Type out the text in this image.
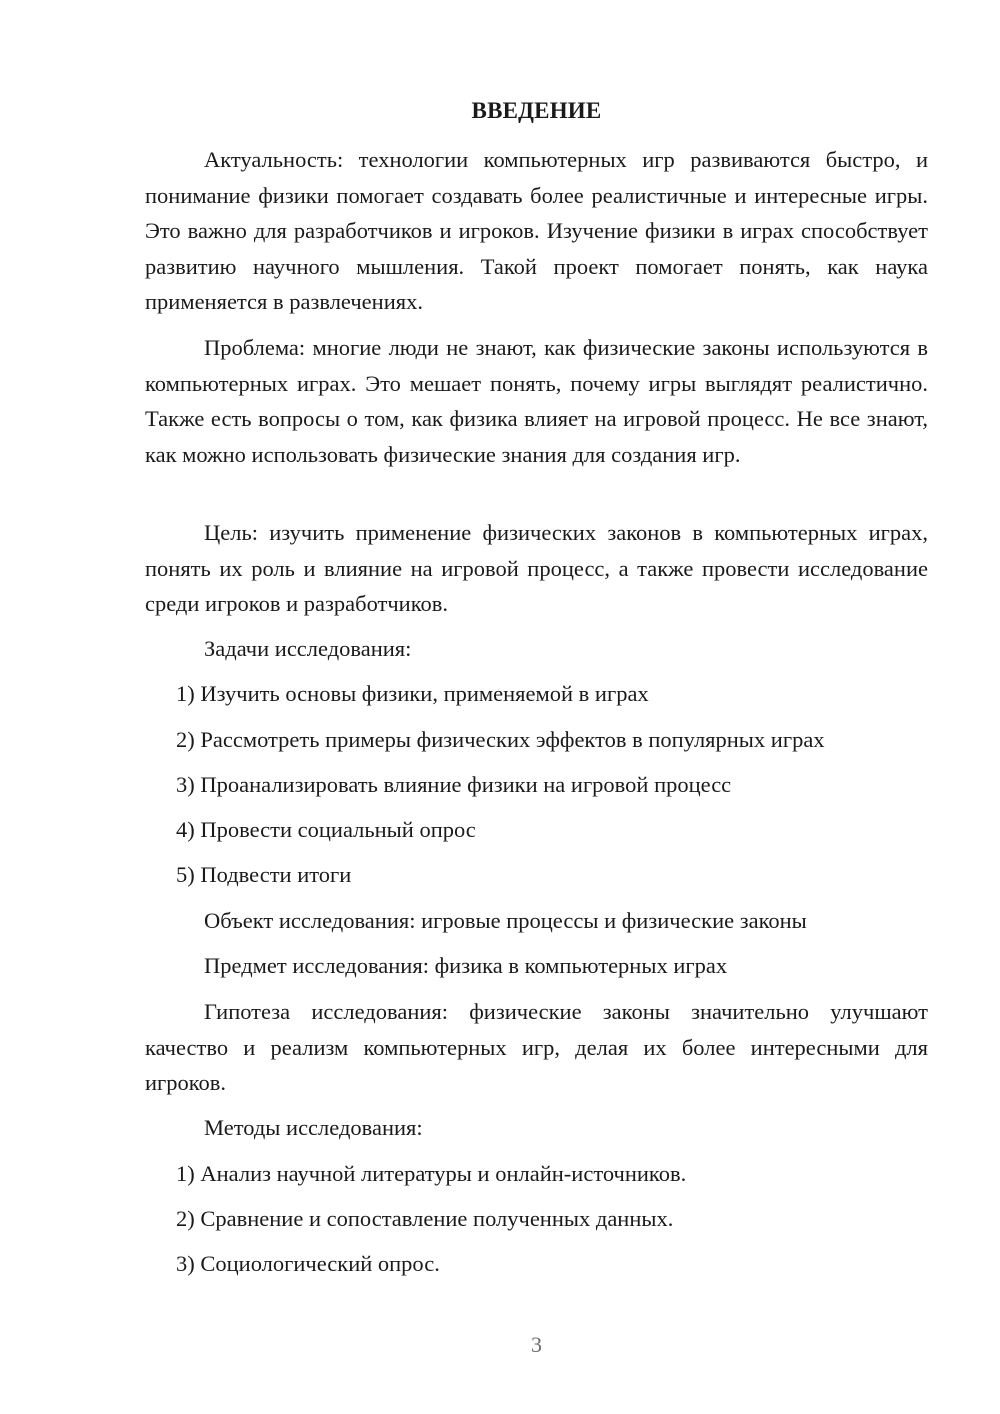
ВВЕДЕНИЕ

Актуальность: технологии компьютерных игр развиваются быстро, и понимание физики помогает создавать более реалистичные и интересные игры. Это важно для разработчиков и игроков. Изучение физики в играх способствует развитию научного мышления. Такой проект помогает понять, как наука применяется в развлечениях.

Проблема: многие люди не знают, как физические законы используются в компьютерных играх. Это мешает понять, почему игры выглядят реалистично. Также есть вопросы о том, как физика влияет на игровой процесс. Не все знают, как можно использовать физические знания для создания игр.

Цель: изучить применение физических законов в компьютерных играх, понять их роль и влияние на игровой процесс, а также провести исследование среди игроков и разработчиков.

Задачи исследования:

1) Изучить основы физики, применяемой в играх

2) Рассмотреть примеры физических эффектов в популярных играх

3) Проанализировать влияние физики на игровой процесс

4) Провести социальный опрос

5) Подвести итоги

Объект исследования: игровые процессы и физические законы

Предмет исследования: физика в компьютерных играх

Гипотеза исследования: физические законы значительно улучшают качество и реализм компьютерных игр, делая их более интересными для игроков.

Методы исследования:

1) Анализ научной литературы и онлайн-источников.

2) Сравнение и сопоставление полученных данных.

3) Социологический опрос.

3
